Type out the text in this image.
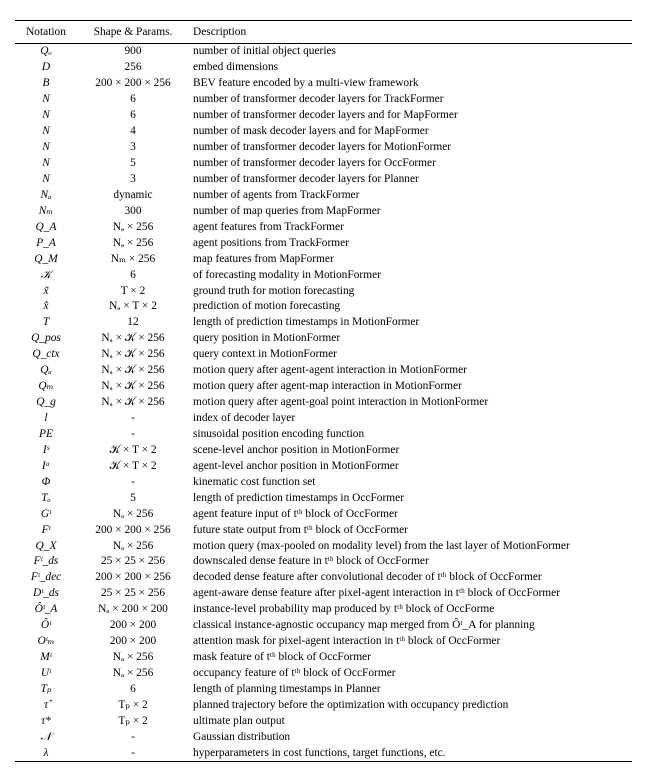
Notation	Shape & Params.	Description
Qₒ	900	number of initial object queries
D	256	embed dimensions
B	200 × 200 × 256	BEV feature encoded by a multi-view framework
N	6	number of transformer decoder layers for TrackFormer
N	6	number of transformer decoder layers and for MapFormer
N	4	number of mask decoder layers and for MapFormer
N	3	number of transformer decoder layers for MotionFormer
N	5	number of transformer decoder layers for OccFormer
N	3	number of transformer decoder layers for Planner
Nₐ	dynamic	number of agents from TrackFormer
Nₘ	300	number of map queries from MapFormer
Q_A	Nₐ × 256	agent features from TrackFormer
P_A	Nₐ × 256	agent positions from TrackFormer
Q_M	Nₘ × 256	map features from MapFormer
𝒦	6	of forecasting modality in MotionFormer
x̃	T × 2	ground truth for motion forecasting
x̂	Nₐ × T × 2	prediction of motion forecasting
T	12	length of prediction timestamps in MotionFormer
Q_pos	Nₐ × 𝒦 × 256	query position in MotionFormer
Q_ctx	Nₐ × 𝒦 × 256	query context in MotionFormer
Qₐ	Nₐ × 𝒦 × 256	motion query after agent-agent interaction in MotionFormer
Qₘ	Nₐ × 𝒦 × 256	motion query after agent-map interaction in MotionFormer
Q_g	Nₐ × 𝒦 × 256	motion query after agent-goal point interaction in MotionFormer
l	-	index of decoder layer
PE	-	sinusoidal position encoding function
Iˢ	𝒦 × T × 2	scene-level anchor position in MotionFormer
Iᵃ	𝒦 × T × 2	agent-level anchor position in MotionFormer
Φ	-	kinematic cost function set
Tₒ	5	length of prediction timestamps in OccFormer
Gᵗ	Nₐ × 256	agent feature input of tᵗʰ block of OccFormer
Fᵗ	200 × 200 × 256	future state output from tᵗʰ block of OccFormer
Q_X	Nₐ × 256	motion query (max-pooled on modality level) from the last layer of MotionFormer
Fᵗ_ds	25 × 25 × 256	downscaled dense feature in tᵗʰ block of OccFormer
Fᵗ_dec	200 × 200 × 256	decoded dense feature after convolutional decoder of tᵗʰ block of OccFormer
Dᵗ_ds	25 × 25 × 256	agent-aware dense feature after pixel-agent interaction in tᵗʰ block of OccFormer
Ôᵗ_A	Nₐ × 200 × 200	instance-level probability map produced by tᵗʰ block of OccForme
Ôᵗ	200 × 200	classical instance-agnostic occupancy map merged from Ôᵗ_A for planning
Oᵗₘ	200 × 200	attention mask for pixel-agent interaction in tᵗʰ block of OccFormer
Mᵗ	Nₐ × 256	mask feature of tᵗʰ block of OccFormer
Uᵗ	Nₐ × 256	occupancy feature of tᵗʰ block of OccFormer
Tₚ	6	length of planning timestamps in Planner
τ̂	Tₚ × 2	planned trajectory before the optimization with occupancy prediction
τ*	Tₚ × 2	ultimate plan output
𝒩	-	Gaussian distribution
λ	-	hyperparameters in cost functions, target functions, etc.
